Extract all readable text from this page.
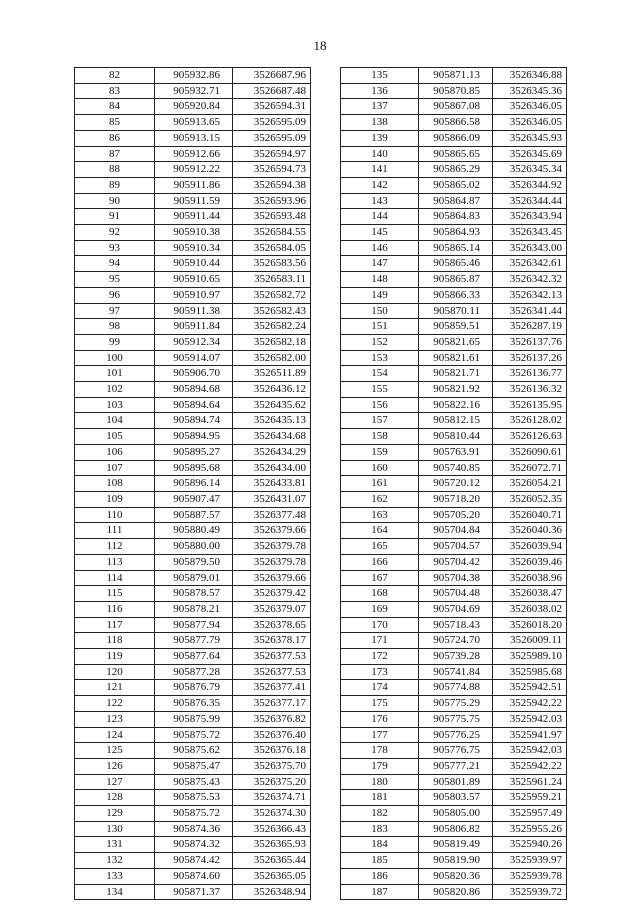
18
82	905932.86	3526687.96
83	905932.71	3526687.48
84	905920.84	3526594.31
85	905913.65	3526595.09
86	905913.15	3526595.09
87	905912.66	3526594.97
88	905912.22	3526594.73
89	905911.86	3526594.38
90	905911.59	3526593.96
91	905911.44	3526593.48
92	905910.38	3526584.55
93	905910.34	3526584.05
94	905910.44	3526583.56
95	905910.65	3526583.11
96	905910.97	3526582.72
97	905911.38	3526582.43
98	905911.84	3526582.24
99	905912.34	3526582.18
100	905914.07	3526582.00
101	905906.70	3526511.89
102	905894.68	3526436.12
103	905894.64	3526435.62
104	905894.74	3526435.13
105	905894.95	3526434.68
106	905895.27	3526434.29
107	905895.68	3526434.00
108	905896.14	3526433.81
109	905907.47	3526431.07
110	905887.57	3526377.48
111	905880.49	3526379.66
112	905880.00	3526379.78
113	905879.50	3526379.78
114	905879.01	3526379.66
115	905878.57	3526379.42
116	905878.21	3526379.07
117	905877.94	3526378.65
118	905877.79	3526378.17
119	905877.64	3526377.53
120	905877.28	3526377.53
121	905876.79	3526377.41
122	905876.35	3526377.17
123	905875.99	3526376.82
124	905875.72	3526376.40
125	905875.62	3526376.18
126	905875.47	3526375.70
127	905875.43	3526375.20
128	905875.53	3526374.71
129	905875.72	3526374.30
130	905874.36	3526366.43
131	905874.32	3526365.93
132	905874.42	3526365.44
133	905874.60	3526365.05
134	905871.37	3526348.94
135	905871.13	3526346.88
136	905870.85	3526345.36
137	905867.08	3526346.05
138	905866.58	3526346.05
139	905866.09	3526345.93
140	905865.65	3526345.69
141	905865.29	3526345.34
142	905865.02	3526344.92
143	905864.87	3526344.44
144	905864.83	3526343.94
145	905864.93	3526343.45
146	905865.14	3526343.00
147	905865.46	3526342.61
148	905865.87	3526342.32
149	905866.33	3526342.13
150	905870.11	3526341.44
151	905859.51	3526287.19
152	905821.65	3526137.76
153	905821.61	3526137.26
154	905821.71	3526136.77
155	905821.92	3526136.32
156	905822.16	3526135.95
157	905812.15	3526128.02
158	905810.44	3526126.63
159	905763.91	3526090.61
160	905740.85	3526072.71
161	905720.12	3526054.21
162	905718.20	3526052.35
163	905705.20	3526040.71
164	905704.84	3526040.36
165	905704.57	3526039.94
166	905704.42	3526039.46
167	905704.38	3526038.96
168	905704.48	3526038.47
169	905704.69	3526038.02
170	905718.43	3526018.20
171	905724.70	3526009.11
172	905739.28	3525989.10
173	905741.84	3525985.68
174	905774.88	3525942.51
175	905775.29	3525942.22
176	905775.75	3525942.03
177	905776.25	3525941.97
178	905776.75	3525942.03
179	905777.21	3525942.22
180	905801.89	3525961.24
181	905803.57	3525959.21
182	905805.00	3525957.49
183	905806.82	3525955.26
184	905819.49	3525940.26
185	905819.90	3525939.97
186	905820.36	3525939.78
187	905820.86	3525939.72
